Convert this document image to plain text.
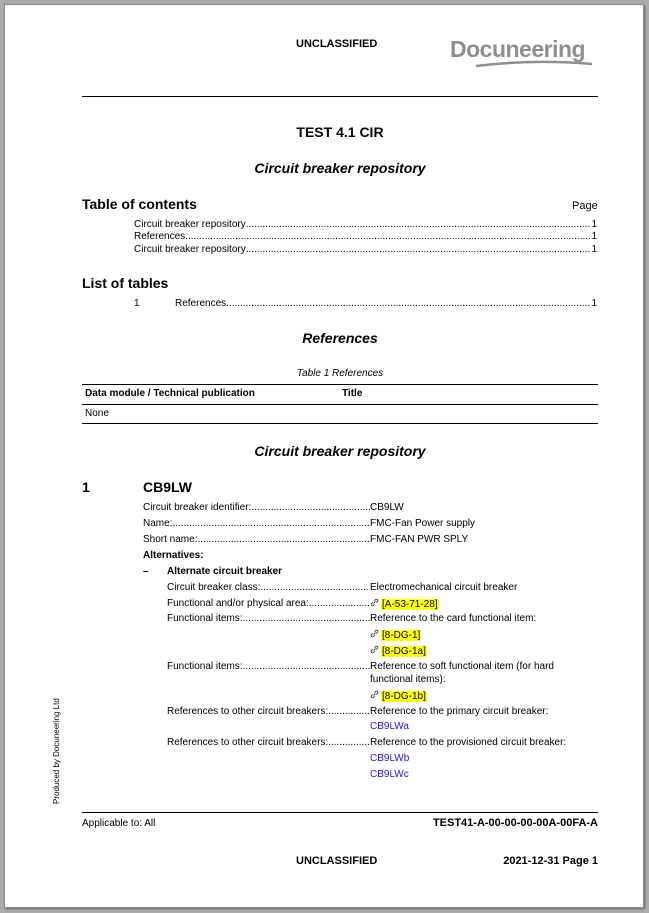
UNCLASSIFIED	Docuneering
TEST 4.1 CIR
Circuit breaker repository
Table of contents	Page
Circuit breaker repository .....	1
References .....	1
Circuit breaker repository .....	1
List of tables
1	References .....	1
References
Table 1 References
Data module / Technical publication	Title
None
Circuit breaker repository
1	CB9LW
Circuit breaker identifier: .....	CB9LW
Name: .....	FMC-Fan Power supply
Short name: .....	FMC-FAN PWR SPLY
Alternatives:
– Alternate circuit breaker
Circuit breaker class: .....	Electromechanical circuit breaker
Functional and/or physical area: .....	[A-53-71-28]
Functional items: .....	Reference to the card functional item:
[8-DG-1]
[8-DG-1a]
Functional items: .....	Reference to soft functional item (for hard
functional items):
[8-DG-1b]
References to other circuit breakers: .....	Reference to the primary circuit breaker:
CB9LWa
References to other circuit breakers: .....	Reference to the provisioned circuit breaker:
CB9LWb
CB9LWc
Produced by Docuneering Ltd
Applicable to: All	TEST41-A-00-00-00-00A-00FA-A
UNCLASSIFIED	2021-12-31 Page 1
